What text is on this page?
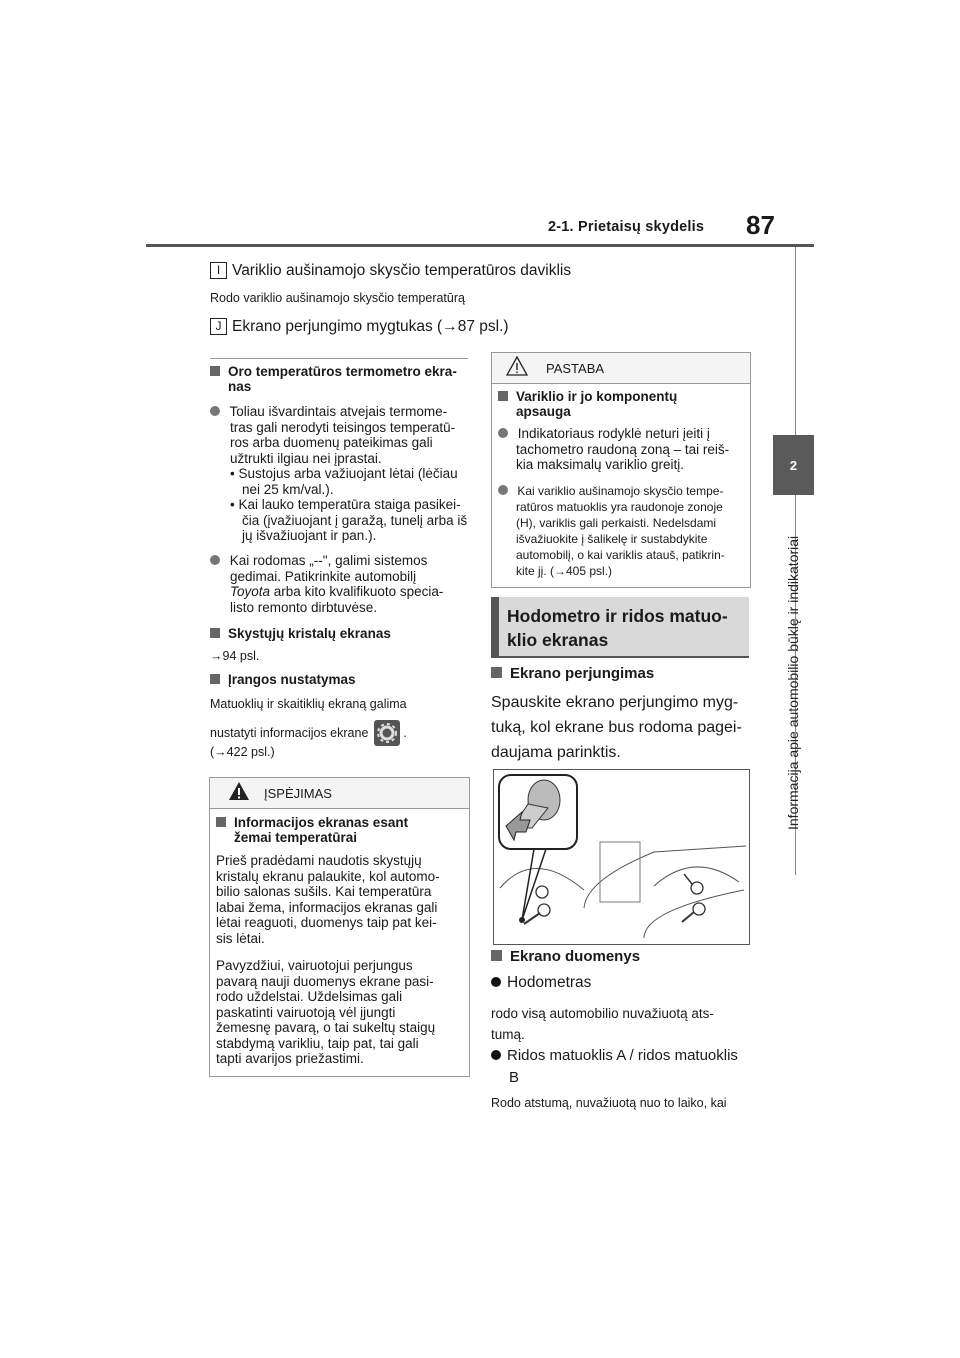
2-1. Prietaisų skydelis 87
2
Informacija apie automobilio būklę ir indikatoriai
I Variklio aušinamojo skysčio temperatūros daviklis
Rodo variklio aušinamojo skysčio temperatūrą
J Ekrano perjungimo mygtukas (→87 psl.)
Oro temperatūros termometro ekra-
nas
Toliau išvardintais atvejais termome-
tras gali nerodyti teisingos temperatū-
ros arba duomenų pateikimas gali
užtrukti ilgiau nei įprastai.
• Sustojus arba važiuojant lėtai (lėčiau
nei 25 km/val.).
• Kai lauko temperatūra staiga pasikei-
čia (įvažiuojant į garažą, tunelį arba iš
jų išvažiuojant ir pan.).
Kai rodomas „--", galimi sistemos
gedimai. Patikrinkite automobilį
Toyota arba kito kvalifikuoto specia-
listo remonto dirbtuvėse.
Skystųjų kristalų ekranas
→94 psl.
Įrangos nustatymas
Matuoklių ir skaitiklių ekraną galima
nustatyti informacijos ekrane	.
(→422 psl.)
ĮSPĖJIMAS
Informacijos ekranas esant
žemai temperatūrai
Prieš pradėdami naudotis skystųjų
kristalų ekranu palaukite, kol automo-
bilio salonas sušils. Kai temperatūra
labai žema, informacijos ekranas gali
lėtai reaguoti, duomenys taip pat kei-
sis lėtai.
Pavyzdžiui, vairuotojui perjungus
pavarą nauji duomenys ekrane pasi-
rodo uždelstai. Uždelsimas gali
paskatinti vairuotoją vėl įjungti
žemesnę pavarą, o tai sukeltų staigų
stabdymą varikliu, taip pat, tai gali
tapti avarijos priežastimi.
PASTABA
Variklio ir jo komponentų
apsauga
Indikatoriaus rodyklė neturi įeiti į
tachometro raudoną zoną – tai reiš-
kia maksimalų variklio greitį.
Kai variklio aušinamojo skysčio tempe-
ratūros matuoklis yra raudonoje zonoje
(H), variklis gali perkaisti. Nedelsdami
išvažiuokite į šalikelę ir sustabdykite
automobilį, o kai variklis atauš, patikrin-
kite jį. (→405 psl.)
Hodometro ir ridos matuo-
klio ekranas
Ekrano perjungimas
Spauskite ekrano perjungimo myg-
tuką, kol ekrane bus rodoma pagei-
daujama parinktis.
Ekrano duomenys
Hodometras
rodo visą automobilio nuvažiuotą ats-
tumą.
Ridos matuoklis A / ridos matuoklis
B
Rodo atstumą, nuvažiuotą nuo to laiko, kai
